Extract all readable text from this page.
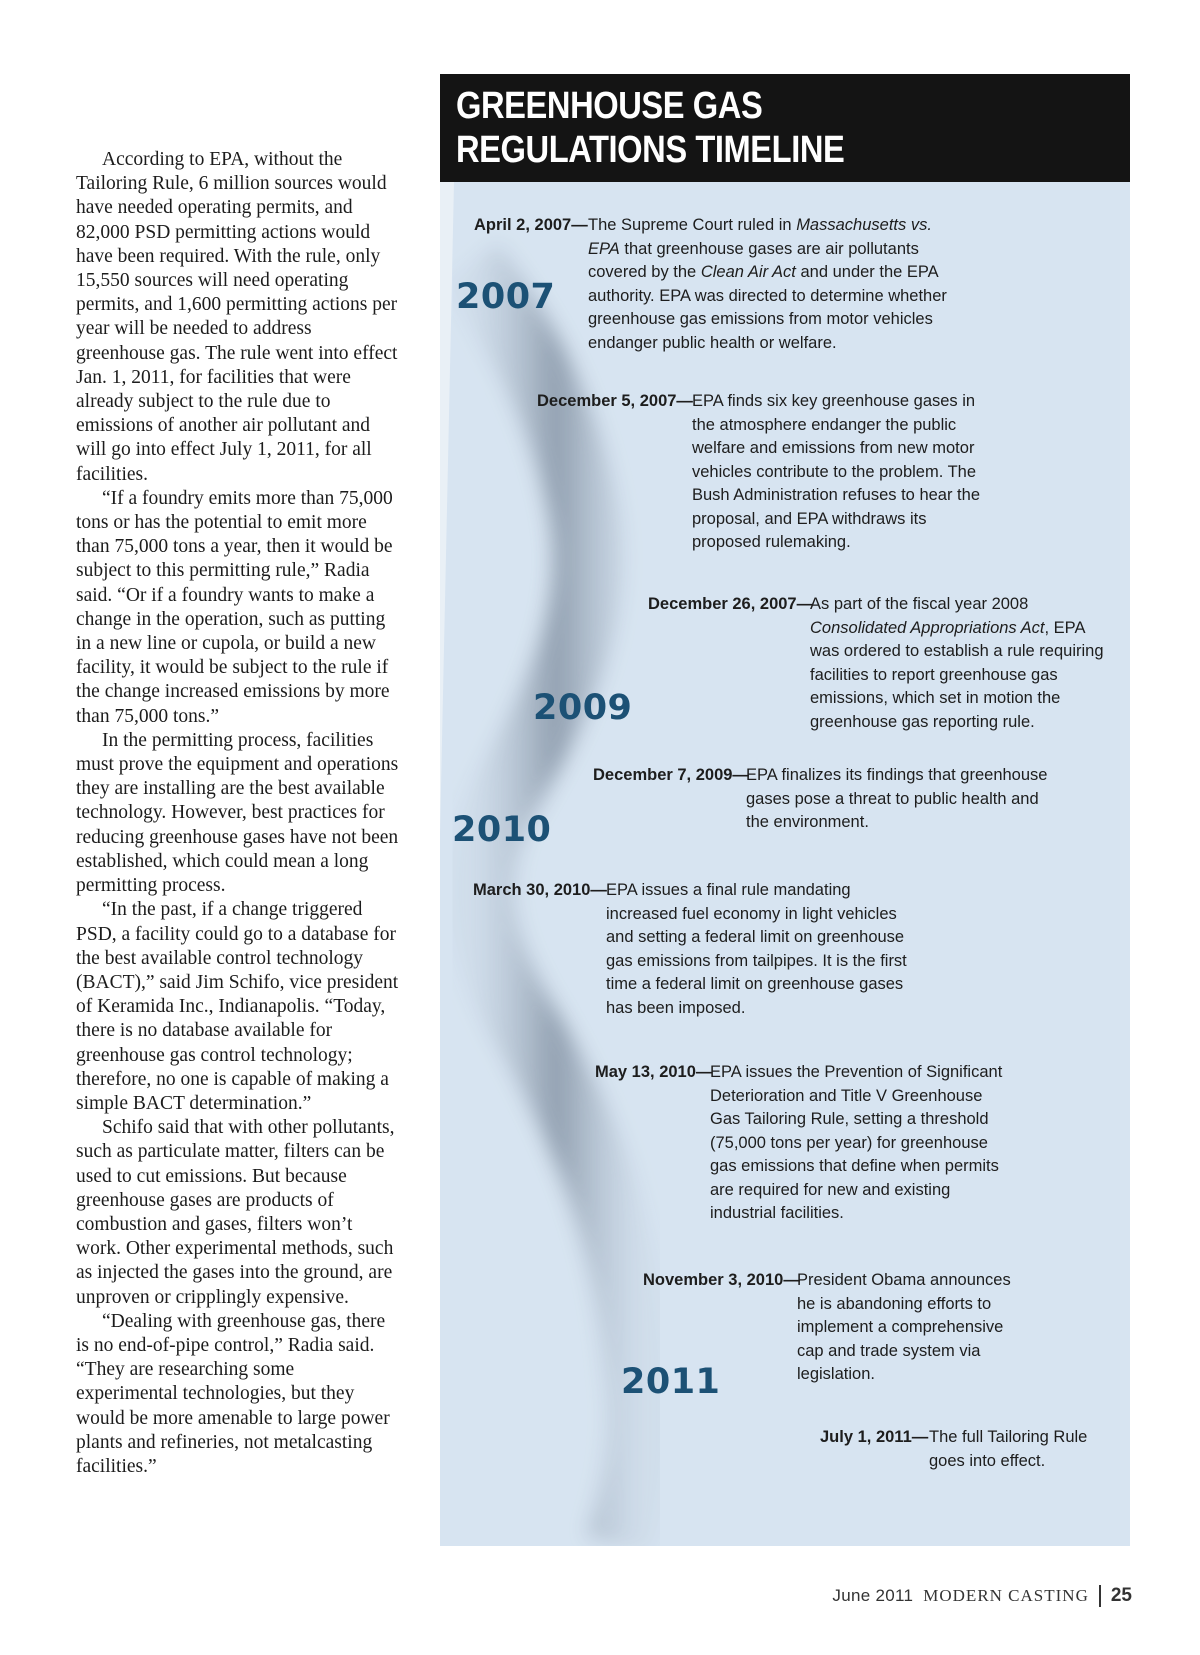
According to EPA, without the Tailoring Rule, 6 million sources would have needed operating permits, and 82,000 PSD permitting actions would have been required. With the rule, only 15,550 sources will need operating permits, and 1,600 permitting actions per year will be needed to address greenhouse gas. The rule went into effect Jan. 1, 2011, for facilities that were already subject to the rule due to emissions of another air pollutant and will go into effect July 1, 2011, for all facilities.

“If a foundry emits more than 75,000 tons or has the potential to emit more than 75,000 tons a year, then it would be subject to this permitting rule,” Radia said. “Or if a foundry wants to make a change in the operation, such as putting in a new line or cupola, or build a new facility, it would be subject to the rule if the change increased emissions by more than 75,000 tons.”

In the permitting process, facilities must prove the equipment and operations they are installing are the best available technology. However, best practices for reducing greenhouse gases have not been established, which could mean a long permitting process.

“In the past, if a change triggered PSD, a facility could go to a database for the best available control technology (BACT),” said Jim Schifo, vice president of Keramida Inc., Indianapolis. “Today, there is no database available for greenhouse gas control technology; therefore, no one is capable of making a simple BACT determination.”

Schifo said that with other pollutants, such as particulate matter, filters can be used to cut emissions. But because greenhouse gases are products of combustion and gases, filters won’t work. Other experimental methods, such as injected the gases into the ground, are unproven or cripplingly expensive.

“Dealing with greenhouse gas, there is no end-of-pipe control,” Radia said. “They are researching some experimental technologies, but they would be more amenable to large power plants and refineries, not metalcasting facilities.”

GREENHOUSE GAS REGULATIONS TIMELINE
2007
2009
2010
2011
April 2, 2007— The Supreme Court ruled in Massachusetts vs. EPA that greenhouse gases are air pollutants covered by the Clean Air Act and under the EPA authority. EPA was directed to determine whether greenhouse gas emissions from motor vehicles endanger public health or welfare.
December 5, 2007— EPA finds six key greenhouse gases in the atmosphere endanger the public welfare and emissions from new motor vehicles contribute to the problem. The Bush Administration refuses to hear the proposal, and EPA withdraws its proposed rulemaking.
December 26, 2007—
As part of the fiscal year 2008 Consolidated Appropriations Act, EPA was ordered to establish a rule requiring facilities to report greenhouse gas emissions, which set in motion the greenhouse gas reporting rule.
December 7, 2009—
EPA finalizes its findings that greenhouse gases pose a threat to public health and the environment.
March 30, 2010— EPA issues a final rule mandating increased fuel economy in light vehicles and setting a federal limit on greenhouse gas emissions from tailpipes. It is the first time a federal limit on greenhouse gases has been imposed.
May 13, 2010—
EPA issues the Prevention of Significant Deterioration and Title V Greenhouse Gas Tailoring Rule, setting a threshold (75,000 tons per year) for greenhouse gas emissions that define when permits are required for new and existing industrial facilities.
November 3, 2010—
President Obama announces he is abandoning efforts to implement a comprehensive cap and trade system via legislation.
July 1, 2011— The full Tailoring Rule goes into effect.
June 2011 MODERN CASTING 25
